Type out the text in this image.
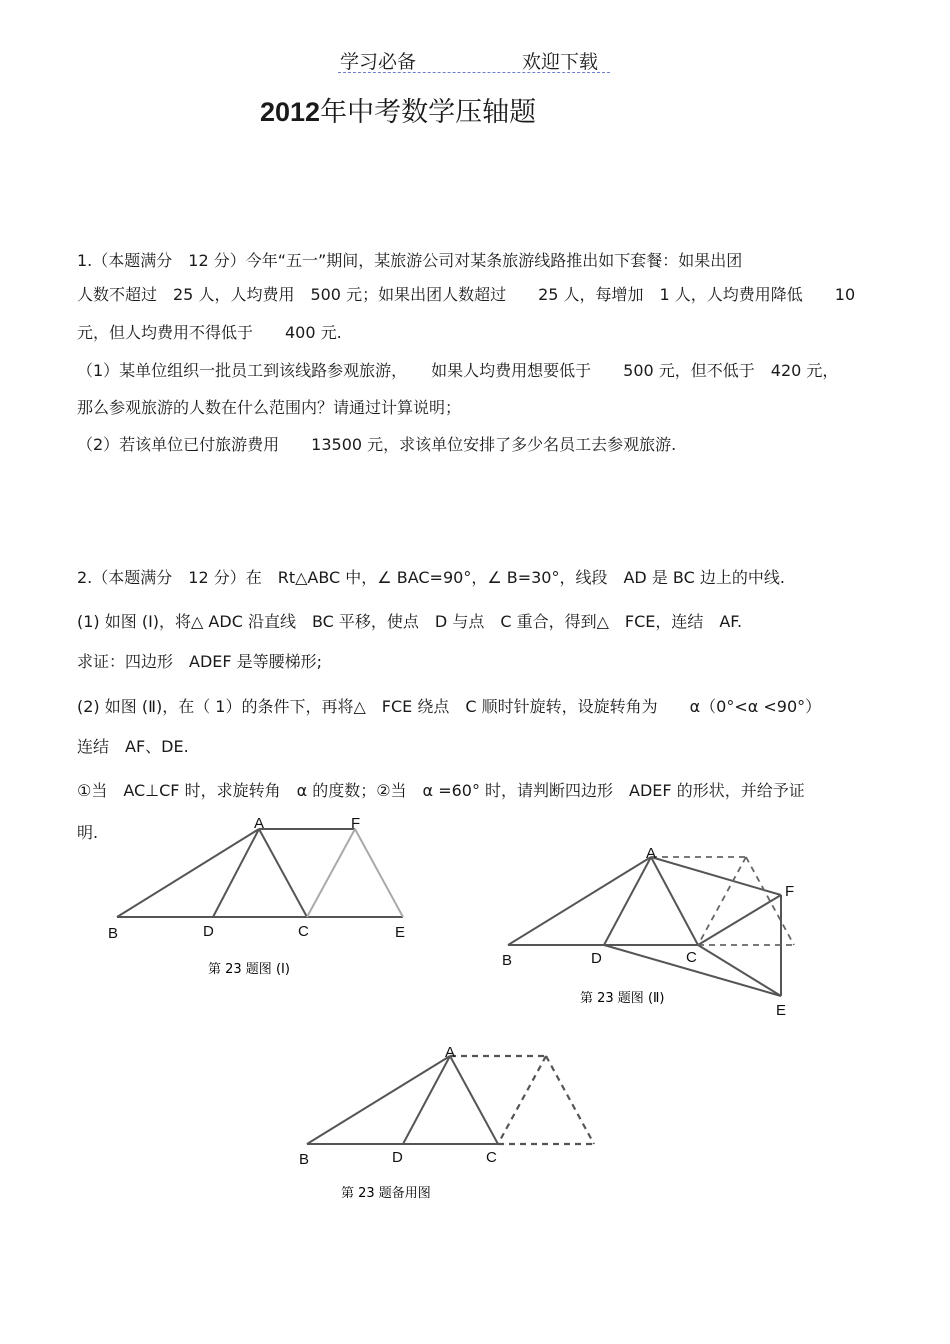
学习必备	欢迎下载
2012年中考数学压轴题
1.（本题满分　12 分）今年“五一”期间，某旅游公司对某条旅游线路推出如下套餐：如果出团
人数不超过　25 人，人均费用　500 元；如果出团人数超过　　25 人，每增加　1 人，人均费用降低　　10
元，但人均费用不得低于　　400 元.
（1）某单位组织一批员工到该线路参观旅游，　　如果人均费用想要低于　　500 元，但不低于　420 元，
那么参观旅游的人数在什么范围内？请通过计算说明；
（2）若该单位已付旅游费用　　13500 元，求该单位安排了多少名员工去参观旅游.
2.（本题满分　12 分）在　Rt△ABC 中，∠ BAC=90°，∠ B=30°，线段　AD 是 BC 边上的中线.
(1) 如图 (Ⅰ)，将△ ADC 沿直线　BC 平移，使点　D 与点　C 重合，得到△　FCE，连结　AF.
求证：四边形　ADEF 是等腰梯形;
(2) 如图 (Ⅱ)，在（ 1）的条件下，再将△　FCE 绕点　C 顺时针旋转，设旋转角为　　α（0°<α <90°）
连结　AF、DE.
①当　AC⊥CF 时，求旋转角　α 的度数；②当　α =60° 时，请判断四边形　ADEF 的形状，并给予证
明.	A	F
B	D	C	E
第 23 题图 (Ⅰ)
A
F
B	D	C
E
第 23 题图 (Ⅱ)
A
B	D	C
第 23 题备用图
